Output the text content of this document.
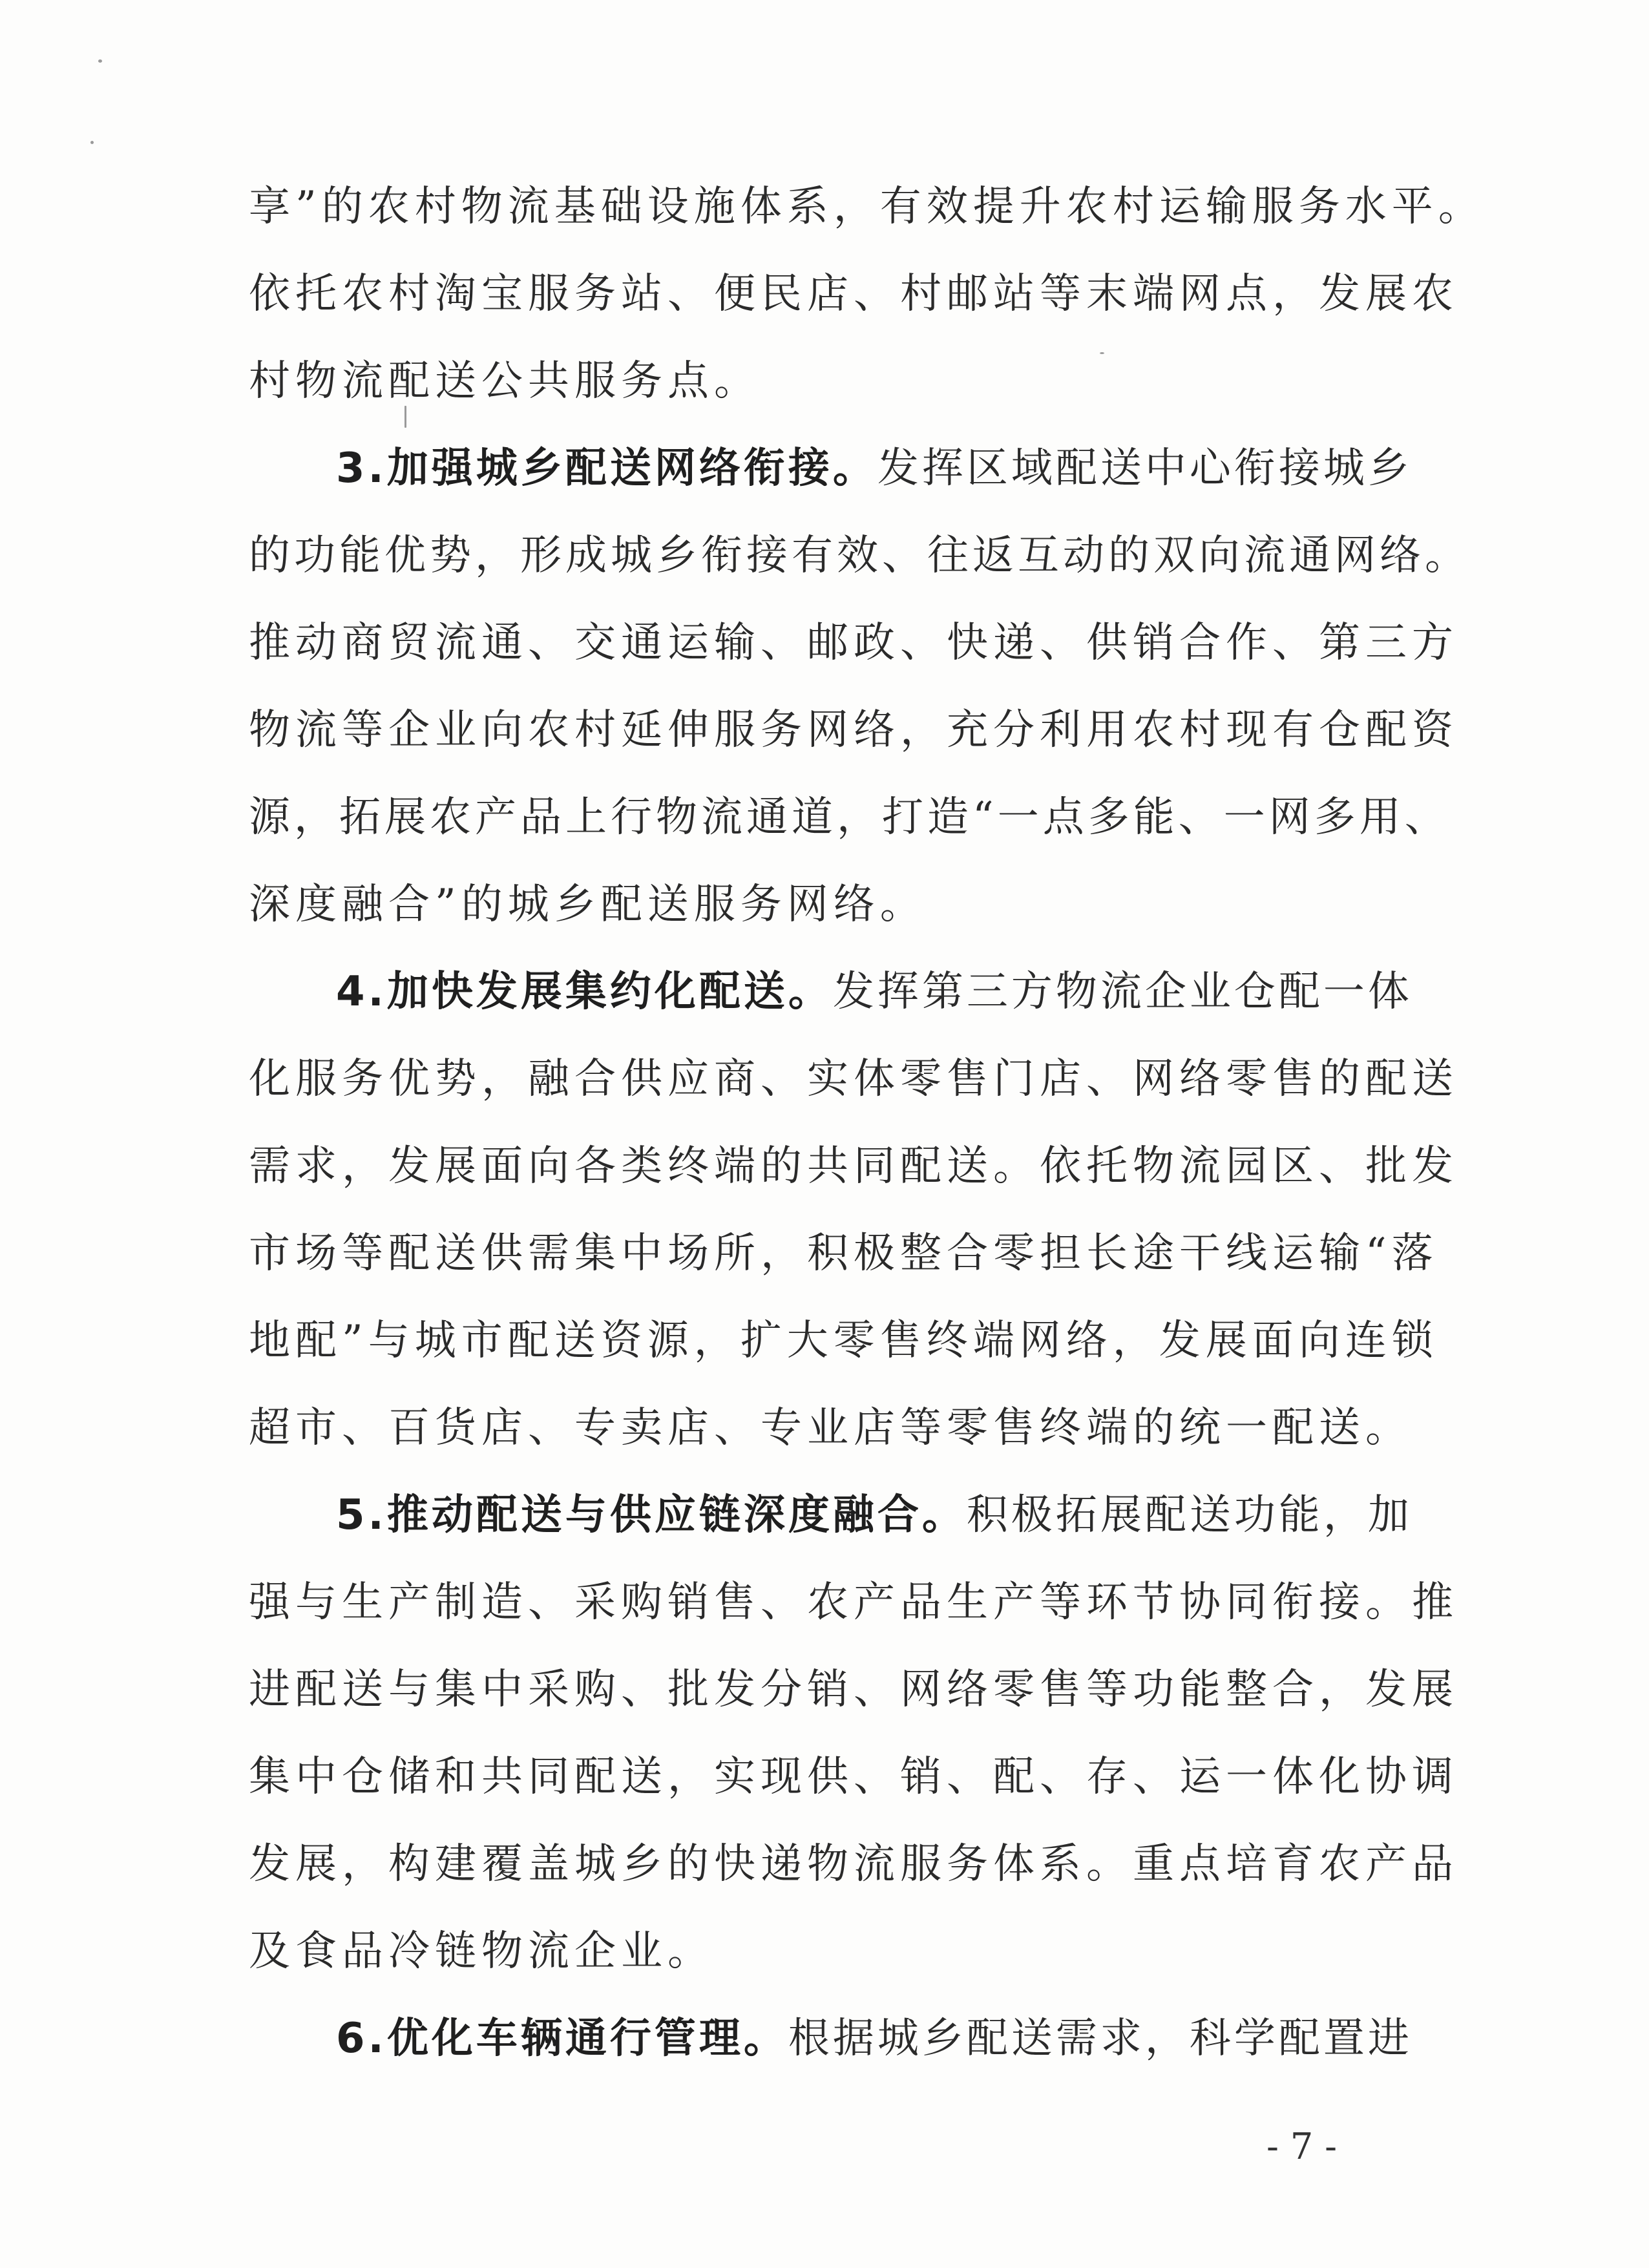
享”的农村物流基础设施体系，有效提升农村运输服务水平。
依托农村淘宝服务站、便民店、村邮站等末端网点，发展农
村物流配送公共服务点。
3.加强城乡配送网络衔接。发挥区域配送中心衔接城乡
的功能优势，形成城乡衔接有效、往返互动的双向流通网络。
推动商贸流通、交通运输、邮政、快递、供销合作、第三方
物流等企业向农村延伸服务网络，充分利用农村现有仓配资
源，拓展农产品上行物流通道，打造“一点多能、一网多用、
深度融合”的城乡配送服务网络。
4.加快发展集约化配送。发挥第三方物流企业仓配一体
化服务优势，融合供应商、实体零售门店、网络零售的配送
需求，发展面向各类终端的共同配送。依托物流园区、批发
市场等配送供需集中场所，积极整合零担长途干线运输“落
地配”与城市配送资源，扩大零售终端网络，发展面向连锁
超市、百货店、专卖店、专业店等零售终端的统一配送。
5.推动配送与供应链深度融合。积极拓展配送功能，加
强与生产制造、采购销售、农产品生产等环节协同衔接。推
进配送与集中采购、批发分销、网络零售等功能整合，发展
集中仓储和共同配送，实现供、销、配、存、运一体化协调
发展，构建覆盖城乡的快递物流服务体系。重点培育农产品
及食品冷链物流企业。
6.优化车辆通行管理。根据城乡配送需求，科学配置进
- 7 -
